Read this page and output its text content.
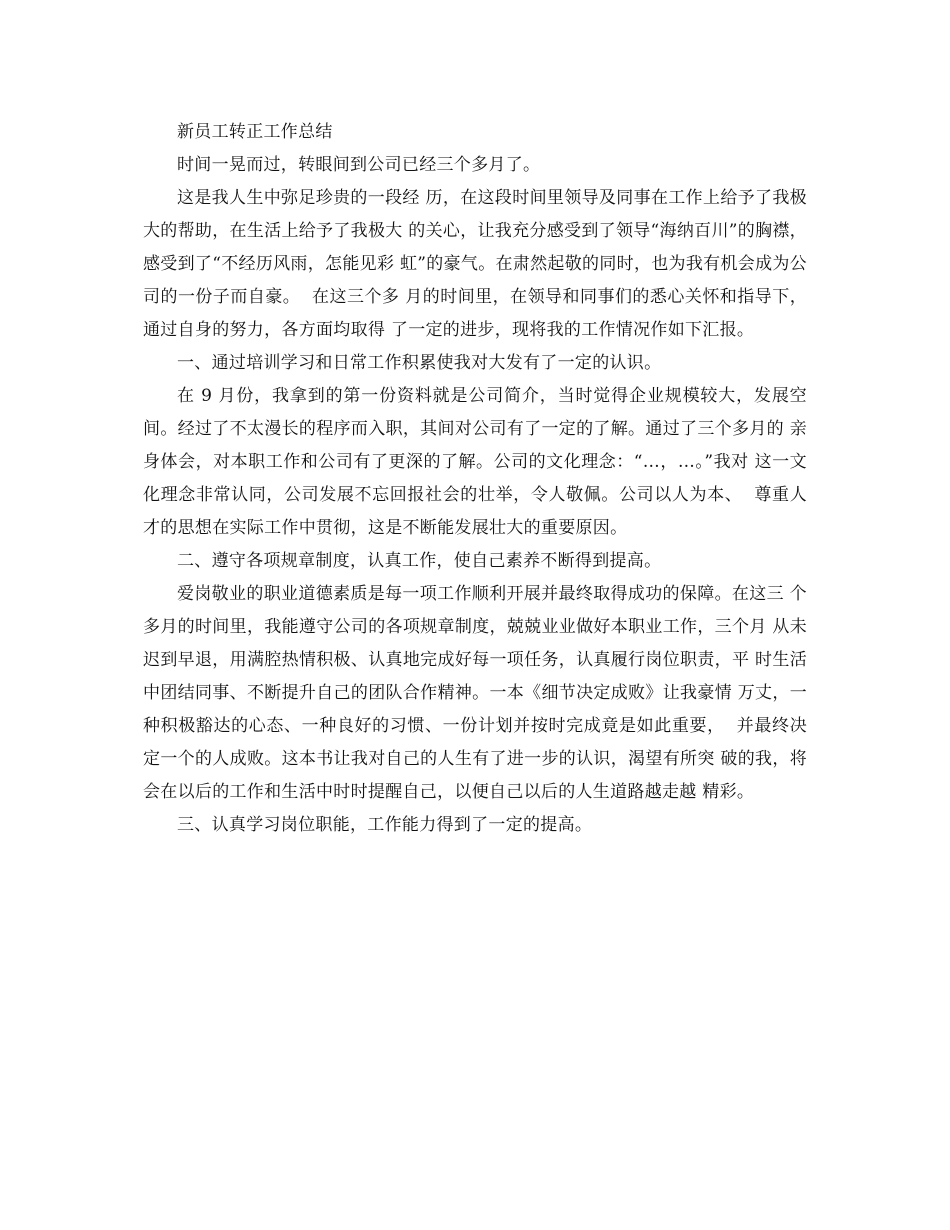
新员工转正工作总结

时间一晃而过，转眼间到公司已经三个多月了。

这是我人生中弥足珍贵的一段经 历，在这段时间里领导及同事在工作上给予了我极大的帮助，在生活上给予了我极大 的关心，让我充分感受到了领导“海纳百川”的胸襟，感受到了“不经历风雨，怎能见彩 虹”的豪气。在肃然起敬的同时，也为我有机会成为公司的一份子而自豪。  在这三个多 月的时间里，在领导和同事们的悉心关怀和指导下，通过自身的努力，各方面均取得 了一定的进步，现将我的工作情况作如下汇报。

一、通过培训学习和日常工作积累使我对大发有了一定的认识。

在 9 月份，我拿到的第一份资料就是公司简介，当时觉得企业规模较大，发展空 间。经过了不太漫长的程序而入职，其间对公司有了一定的了解。通过了三个多月的 亲身体会，对本职工作和公司有了更深的了解。公司的文化理念：“…，…。”我对 这一文化理念非常认同，公司发展不忘回报社会的壮举，令人敬佩。公司以人为本、  尊重人才的思想在实际工作中贯彻，这是不断能发展壮大的重要原因。

二、遵守各项规章制度，认真工作，使自己素养不断得到提高。

爱岗敬业的职业道德素质是每一项工作顺利开展并最终取得成功的保障。在这三 个多月的时间里，我能遵守公司的各项规章制度，兢兢业业做好本职业工作，三个月 从未迟到早退，用满腔热情积极、认真地完成好每一项任务，认真履行岗位职责，平 时生活中团结同事、不断提升自己的团队合作精神。一本《细节决定成败》让我豪情 万丈，一种积极豁达的心态、一种良好的习惯、一份计划并按时完成竟是如此重要，  并最终决定一个的人成败。这本书让我对自己的人生有了进一步的认识，渴望有所突 破的我，将会在以后的工作和生活中时时提醒自己，以便自己以后的人生道路越走越 精彩。

三、认真学习岗位职能，工作能力得到了一定的提高。
